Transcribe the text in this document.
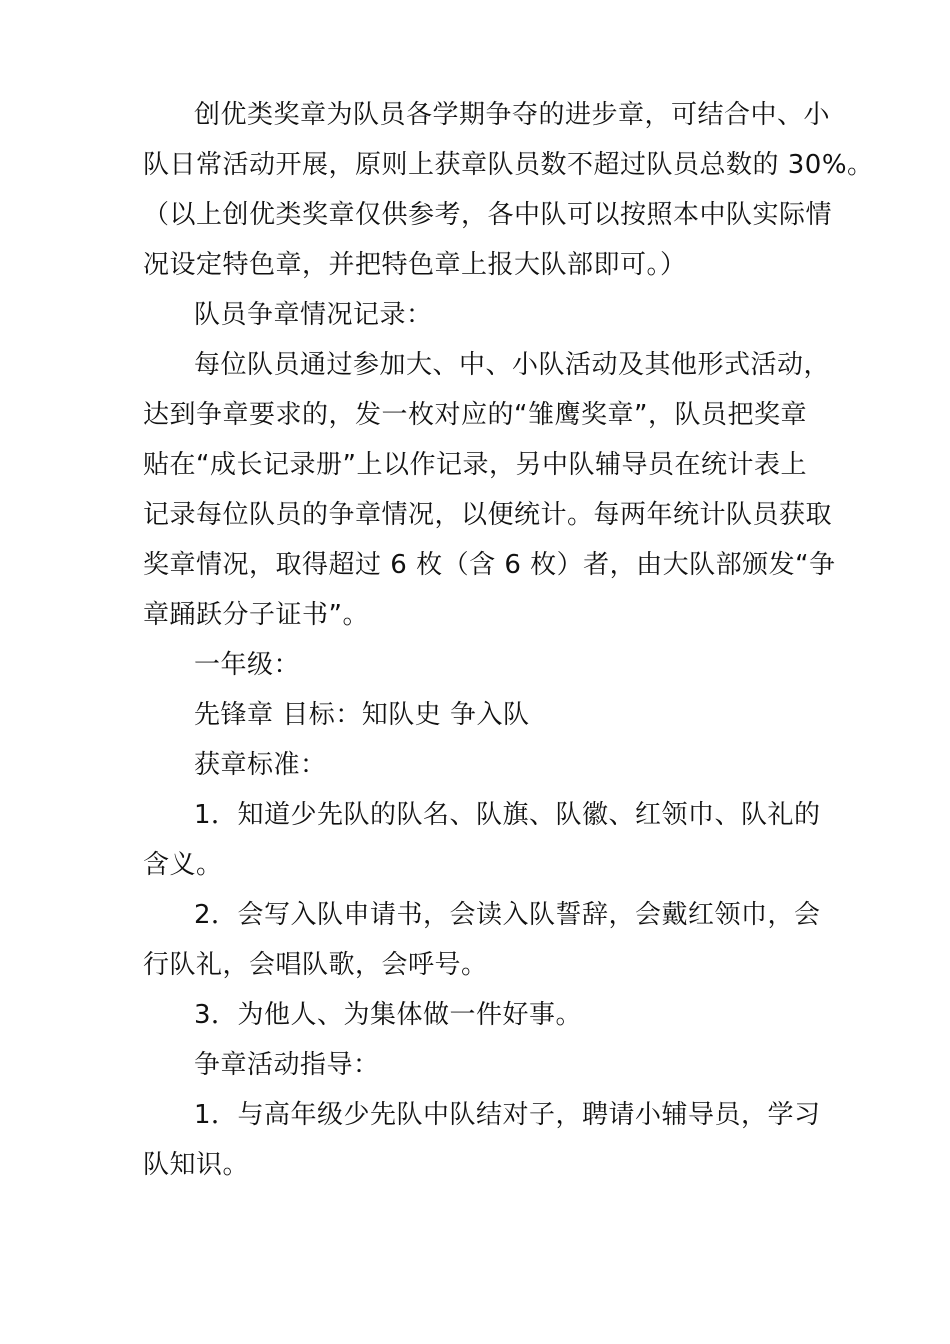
创优类奖章为队员各学期争夺的进步章，可结合中、小
队日常活动开展，原则上获章队员数不超过队员总数的 30%。
（以上创优类奖章仅供参考，各中队可以按照本中队实际情
况设定特色章，并把特色章上报大队部即可。）
队员争章情况记录：
每位队员通过参加大、中、小队活动及其他形式活动，
达到争章要求的，发一枚对应的“雏鹰奖章”，队员把奖章
贴在“成长记录册”上以作记录，另中队辅导员在统计表上
记录每位队员的争章情况，以便统计。每两年统计队员获取
奖章情况，取得超过 6 枚（含 6 枚）者，由大队部颁发“争
章踊跃分子证书”。
一年级：
先锋章 目标：知队史 争入队
获章标准：
1．知道少先队的队名、队旗、队徽、红领巾、队礼的
含义。
2．会写入队申请书，会读入队誓辞，会戴红领巾，会
行队礼，会唱队歌，会呼号。
3．为他人、为集体做一件好事。
争章活动指导：
1．与高年级少先队中队结对子，聘请小辅导员，学习
队知识。
